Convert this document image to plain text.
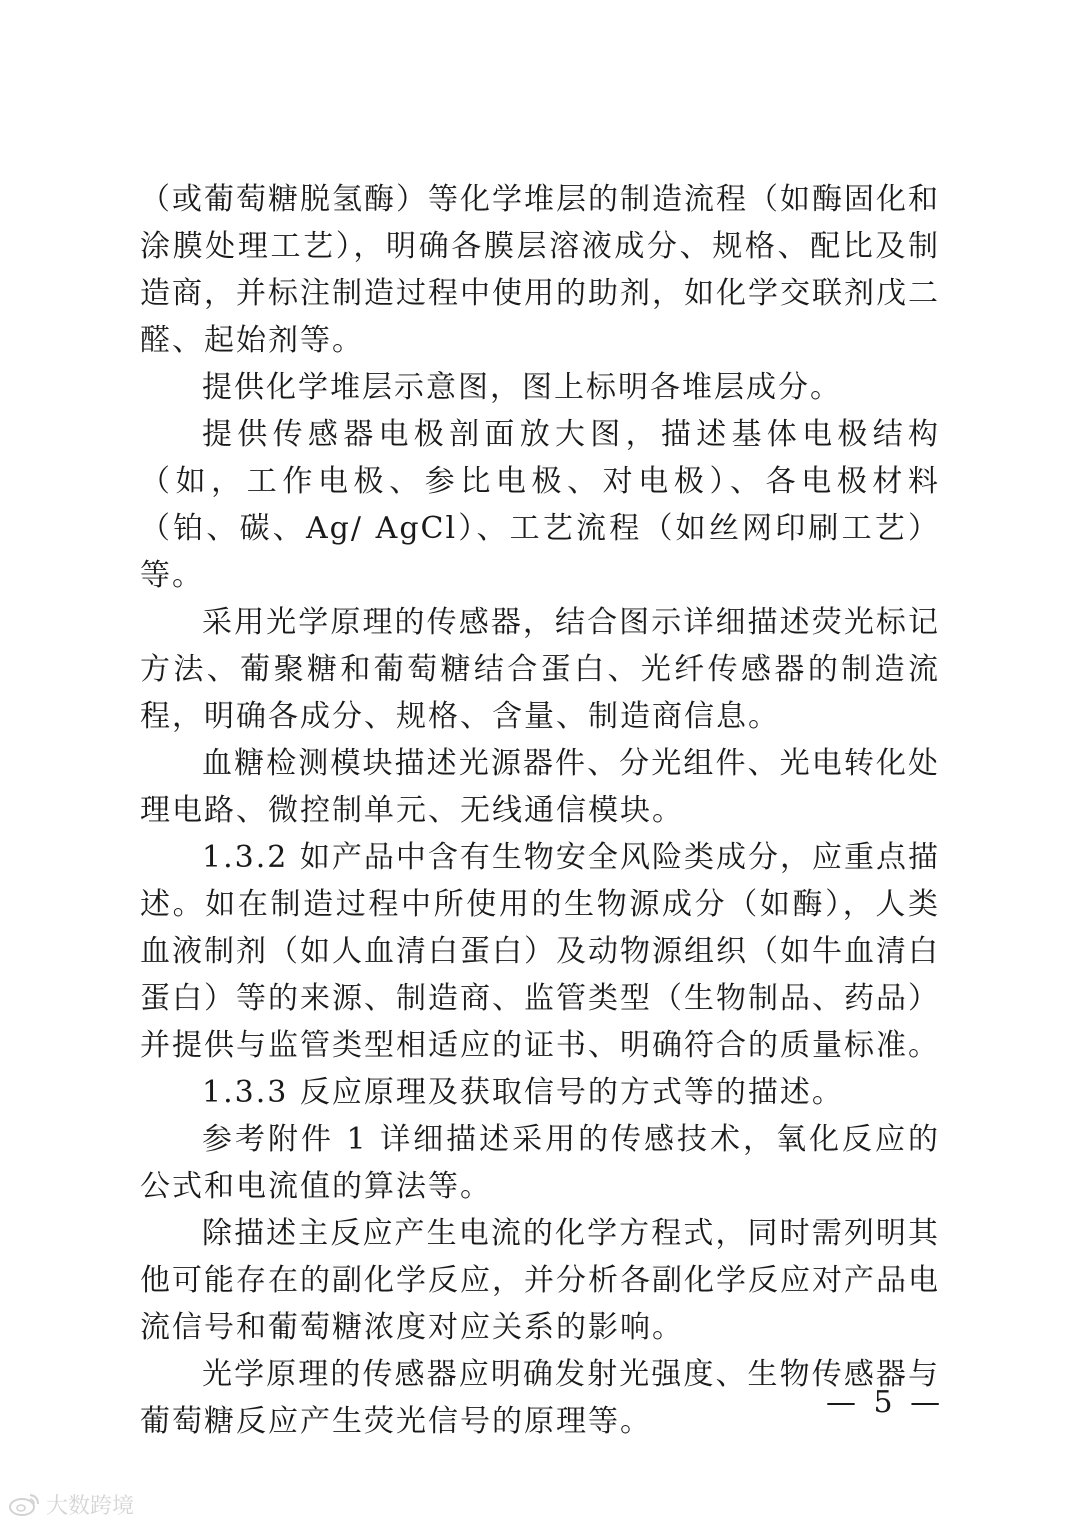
（或葡萄糖脱氢酶）等化学堆层的制造流程（如酶固化和涂膜处理工艺），明确各膜层溶液成分、规格、配比及制造商，并标注制造过程中使用的助剂，如化学交联剂戊二醛、起始剂等。

提供化学堆层示意图，图上标明各堆层成分。

提供传感器电极剖面放大图，描述基体电极结构（如，工作电极、参比电极、对电极）、各电极材料（铂、碳、Ag/ AgCl）、工艺流程（如丝网印刷工艺）等。

采用光学原理的传感器，结合图示详细描述荧光标记方法、葡聚糖和葡萄糖结合蛋白、光纤传感器的制造流程，明确各成分、规格、含量、制造商信息。

血糖检测模块描述光源器件、分光组件、光电转化处理电路、微控制单元、无线通信模块。

1.3.2 如产品中含有生物安全风险类成分，应重点描述。如在制造过程中所使用的生物源成分（如酶），人类血液制剂（如人血清白蛋白）及动物源组织（如牛血清白蛋白）等的来源、制造商、监管类型（生物制品、药品）并提供与监管类型相适应的证书、明确符合的质量标准。

1.3.3 反应原理及获取信号的方式等的描述。

参考附件 1 详细描述采用的传感技术，氧化反应的公式和电流值的算法等。

除描述主反应产生电流的化学方程式，同时需列明其他可能存在的副化学反应，并分析各副化学反应对产品电流信号和葡萄糖浓度对应关系的影响。

光学原理的传感器应明确发射光强度、生物传感器与葡萄糖反应产生荧光信号的原理等。

— 5 —
大数跨境
